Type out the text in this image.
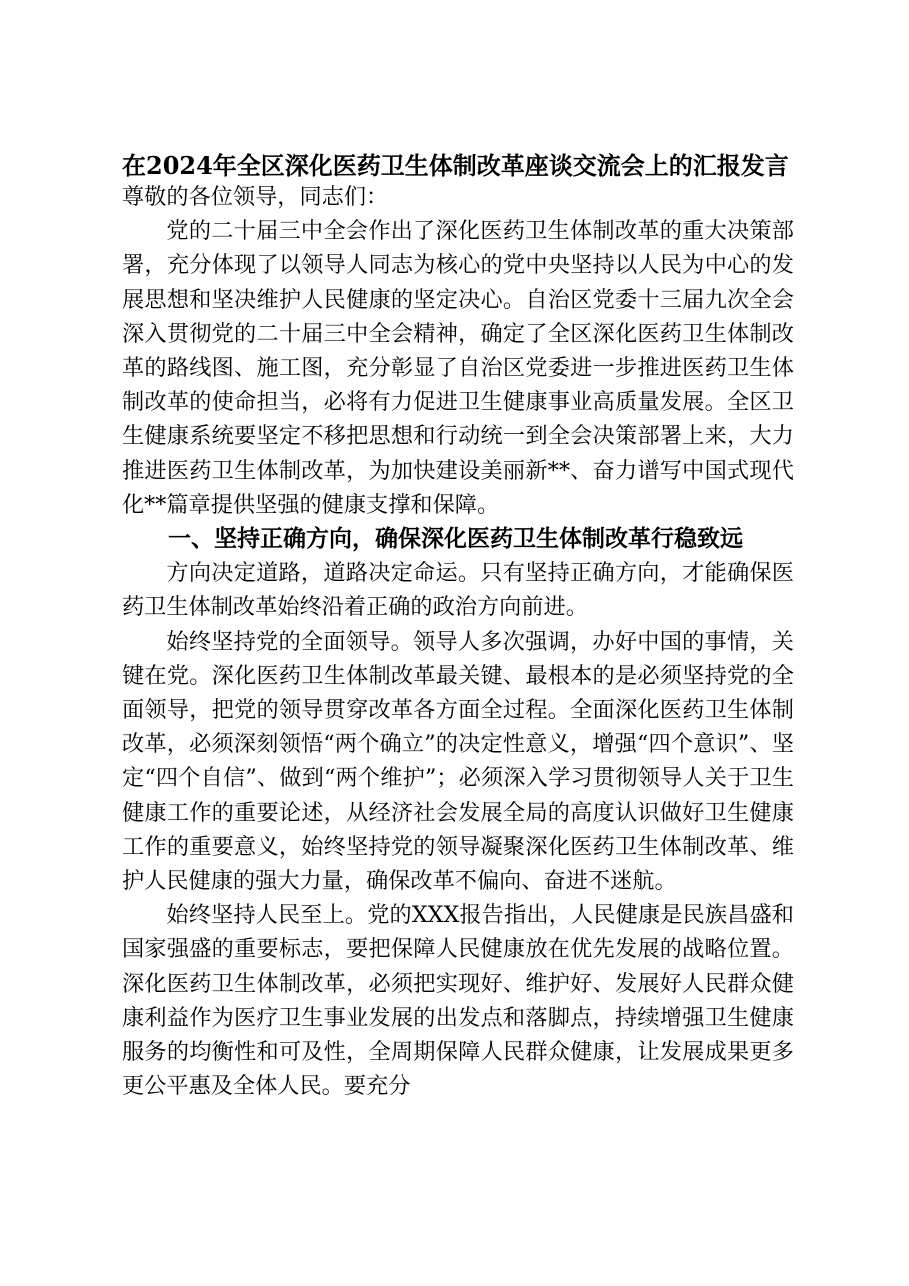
在2024年全区深化医药卫生体制改革座谈交流会上的汇报发言

尊敬的各位领导，同志们：

党的二十届三中全会作出了深化医药卫生体制改革的重大决策部署，充分体现了以领导人同志为核心的党中央坚持以人民为中心的发展思想和坚决维护人民健康的坚定决心。自治区党委十三届九次全会深入贯彻党的二十届三中全会精神，确定了全区深化医药卫生体制改革的路线图、施工图，充分彰显了自治区党委进一步推进医药卫生体制改革的使命担当，必将有力促进卫生健康事业高质量发展。全区卫生健康系统要坚定不移把思想和行动统一到全会决策部署上来，大力推进医药卫生体制改革，为加快建设美丽新**、奋力谱写中国式现代化**篇章提供坚强的健康支撑和保障。

一、坚持正确方向，确保深化医药卫生体制改革行稳致远

方向决定道路，道路决定命运。只有坚持正确方向，才能确保医药卫生体制改革始终沿着正确的政治方向前进。

始终坚持党的全面领导。领导人多次强调，办好中国的事情，关键在党。深化医药卫生体制改革最关键、最根本的是必须坚持党的全面领导，把党的领导贯穿改革各方面全过程。全面深化医药卫生体制改革，必须深刻领悟“两个确立”的决定性意义，增强“四个意识”、坚定“四个自信”、做到“两个维护”；必须深入学习贯彻领导人关于卫生健康工作的重要论述，从经济社会发展全局的高度认识做好卫生健康工作的重要意义，始终坚持党的领导凝聚深化医药卫生体制改革、维护人民健康的强大力量，确保改革不偏向、奋进不迷航。

始终坚持人民至上。党的XXX报告指出，人民健康是民族昌盛和国家强盛的重要标志，要把保障人民健康放在优先发展的战略位置。深化医药卫生体制改革，必须把实现好、维护好、发展好人民群众健康利益作为医疗卫生事业发展的出发点和落脚点，持续增强卫生健康服务的均衡性和可及性，全周期保障人民群众健康，让发展成果更多更公平惠及全体人民。要充分
